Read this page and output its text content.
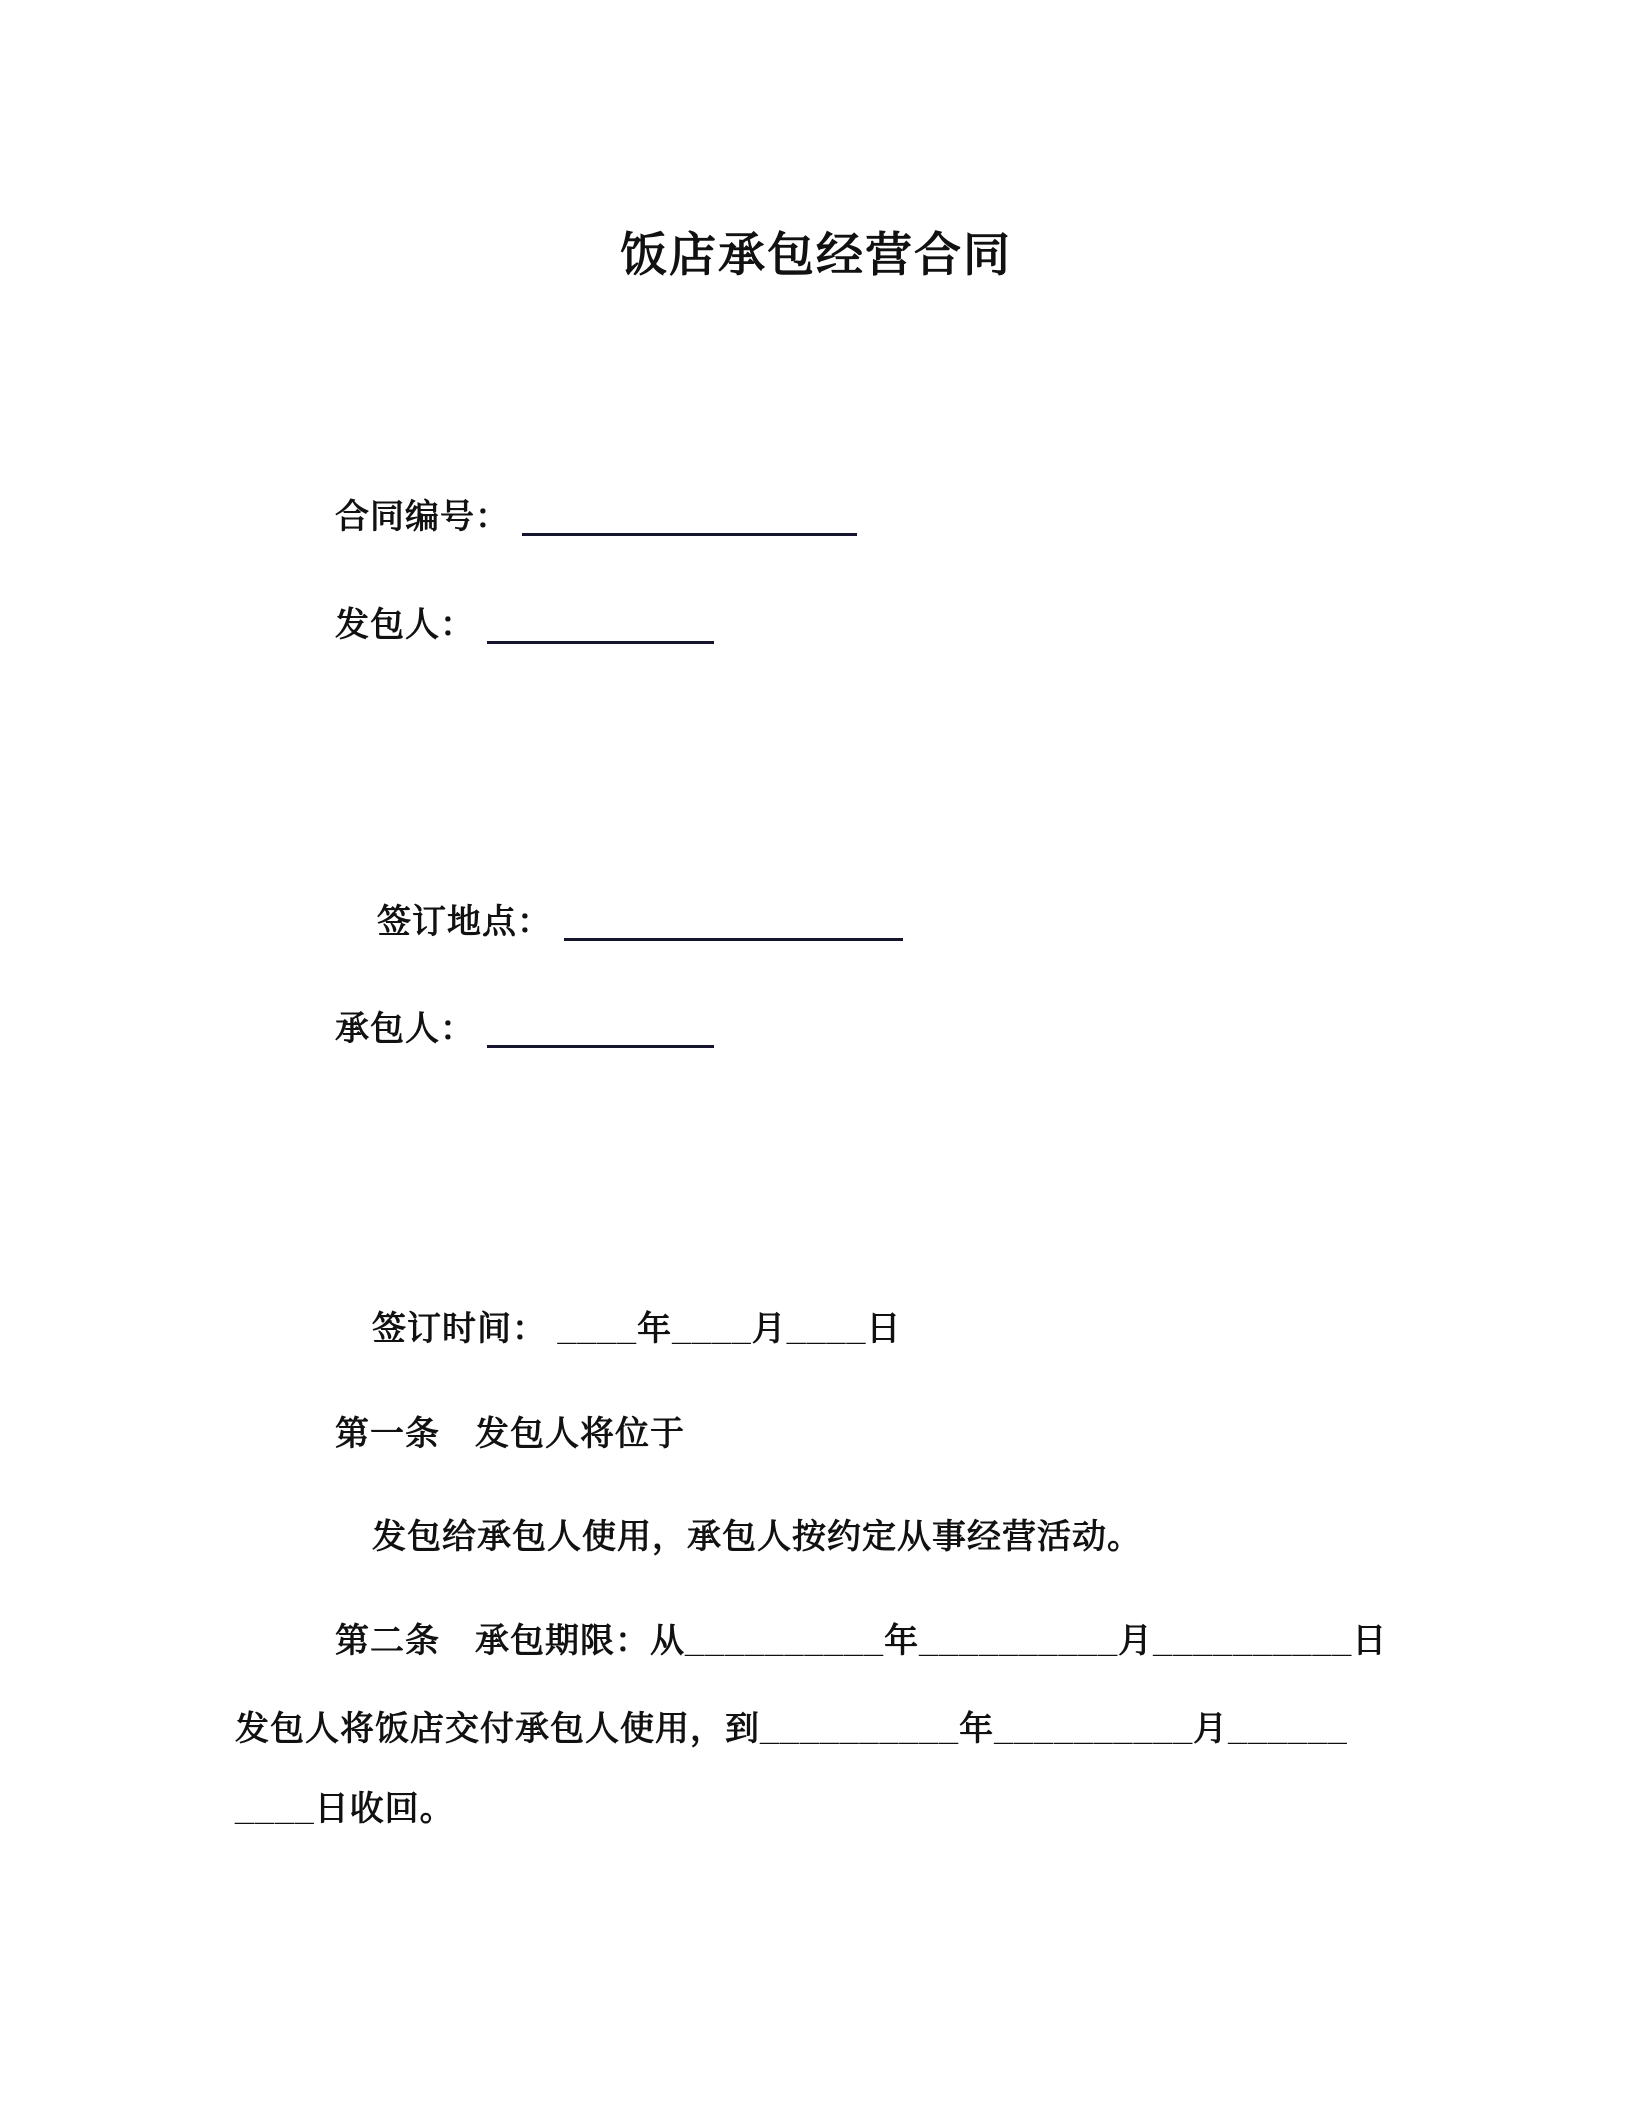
饭店承包经营合同

合同编号：

发包人：

签订地点：

承包人：

签订时间： ____年____月____日

第一条　发包人将位于

发包给承包人使用，承包人按约定从事经营活动。

第二条　承包期限：从__________年__________月__________日

发包人将饭店交付承包人使用，到__________年__________月______

____日收回。
